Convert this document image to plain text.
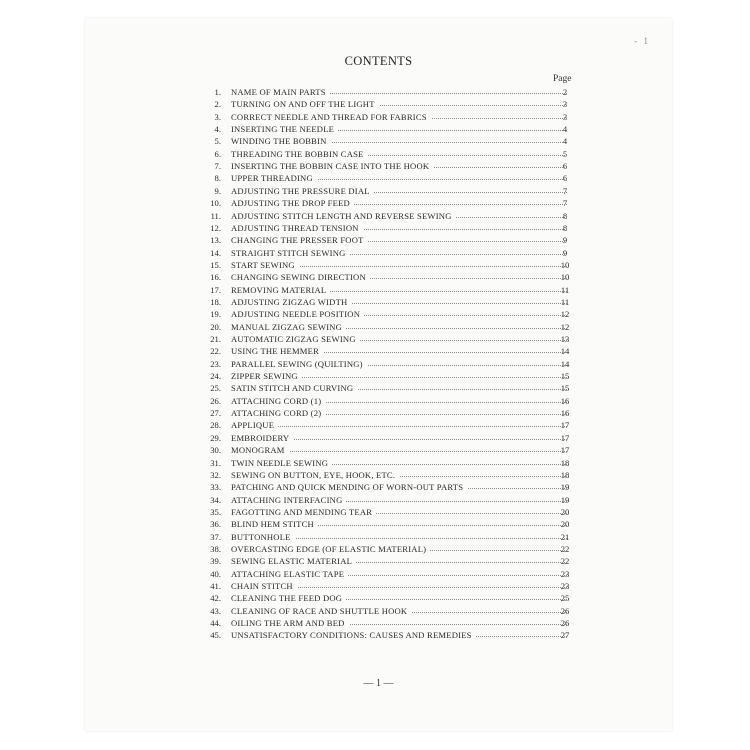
- 1
CONTENTS
Page
1. NAME OF MAIN PARTS	2
2. TURNING ON AND OFF THE LIGHT	3
3. CORRECT NEEDLE AND THREAD FOR FABRICS	3
4. INSERTING THE NEEDLE	4
5. WINDING THE BOBBIN	4
6. THREADING THE BOBBIN CASE	5
7. INSERTING THE BOBBIN CASE INTO THE HOOK	6
8. UPPER THREADING	6
9. ADJUSTING THE PRESSURE DIAL	7
10. ADJUSTING THE DROP FEED	7
11. ADJUSTING STITCH LENGTH AND REVERSE SEWING	8
12. ADJUSTING THREAD TENSION	8
13. CHANGING THE PRESSER FOOT	9
14. STRAIGHT STITCH SEWING	9
15. START SEWING	10
16. CHANGING SEWING DIRECTION	10
17. REMOVING MATERIAL	11
18. ADJUSTING ZIGZAG WIDTH	11
19. ADJUSTING NEEDLE POSITION	12
20. MANUAL ZIGZAG SEWING	12
21. AUTOMATIC ZIGZAG SEWING	13
22. USING THE HEMMER	14
23. PARALLEL SEWING (QUILTING)	14
24. ZIPPER SEWING	15
25. SATIN STITCH AND CURVING	15
26. ATTACHING CORD (1)	16
27. ATTACHING CORD (2)	16
28. APPLIQUE	17
29. EMBROIDERY	17
30. MONOGRAM	17
31. TWIN NEEDLE SEWING	18
32. SEWING ON BUTTON, EYE, HOOK, ETC.	18
33. PATCHING AND QUICK MENDING OF WORN-OUT PARTS	19
34. ATTACHING INTERFACING	19
35. FAGOTTING AND MENDING TEAR	20
36. BLIND HEM STITCH	20
37. BUTTONHOLE	21
38. OVERCASTING EDGE (OF ELASTIC MATERIAL)	22
39. SEWING ELASTIC MATERIAL	22
40. ATTACHING ELASTIC TAPE	23
41. CHAIN STITCH	23
42. CLEANING THE FEED DOG	25
43. CLEANING OF RACE AND SHUTTLE HOOK	26
44. OILING THE ARM AND BED	26
45. UNSATISFACTORY CONDITIONS: CAUSES AND REMEDIES	27
— 1 —
